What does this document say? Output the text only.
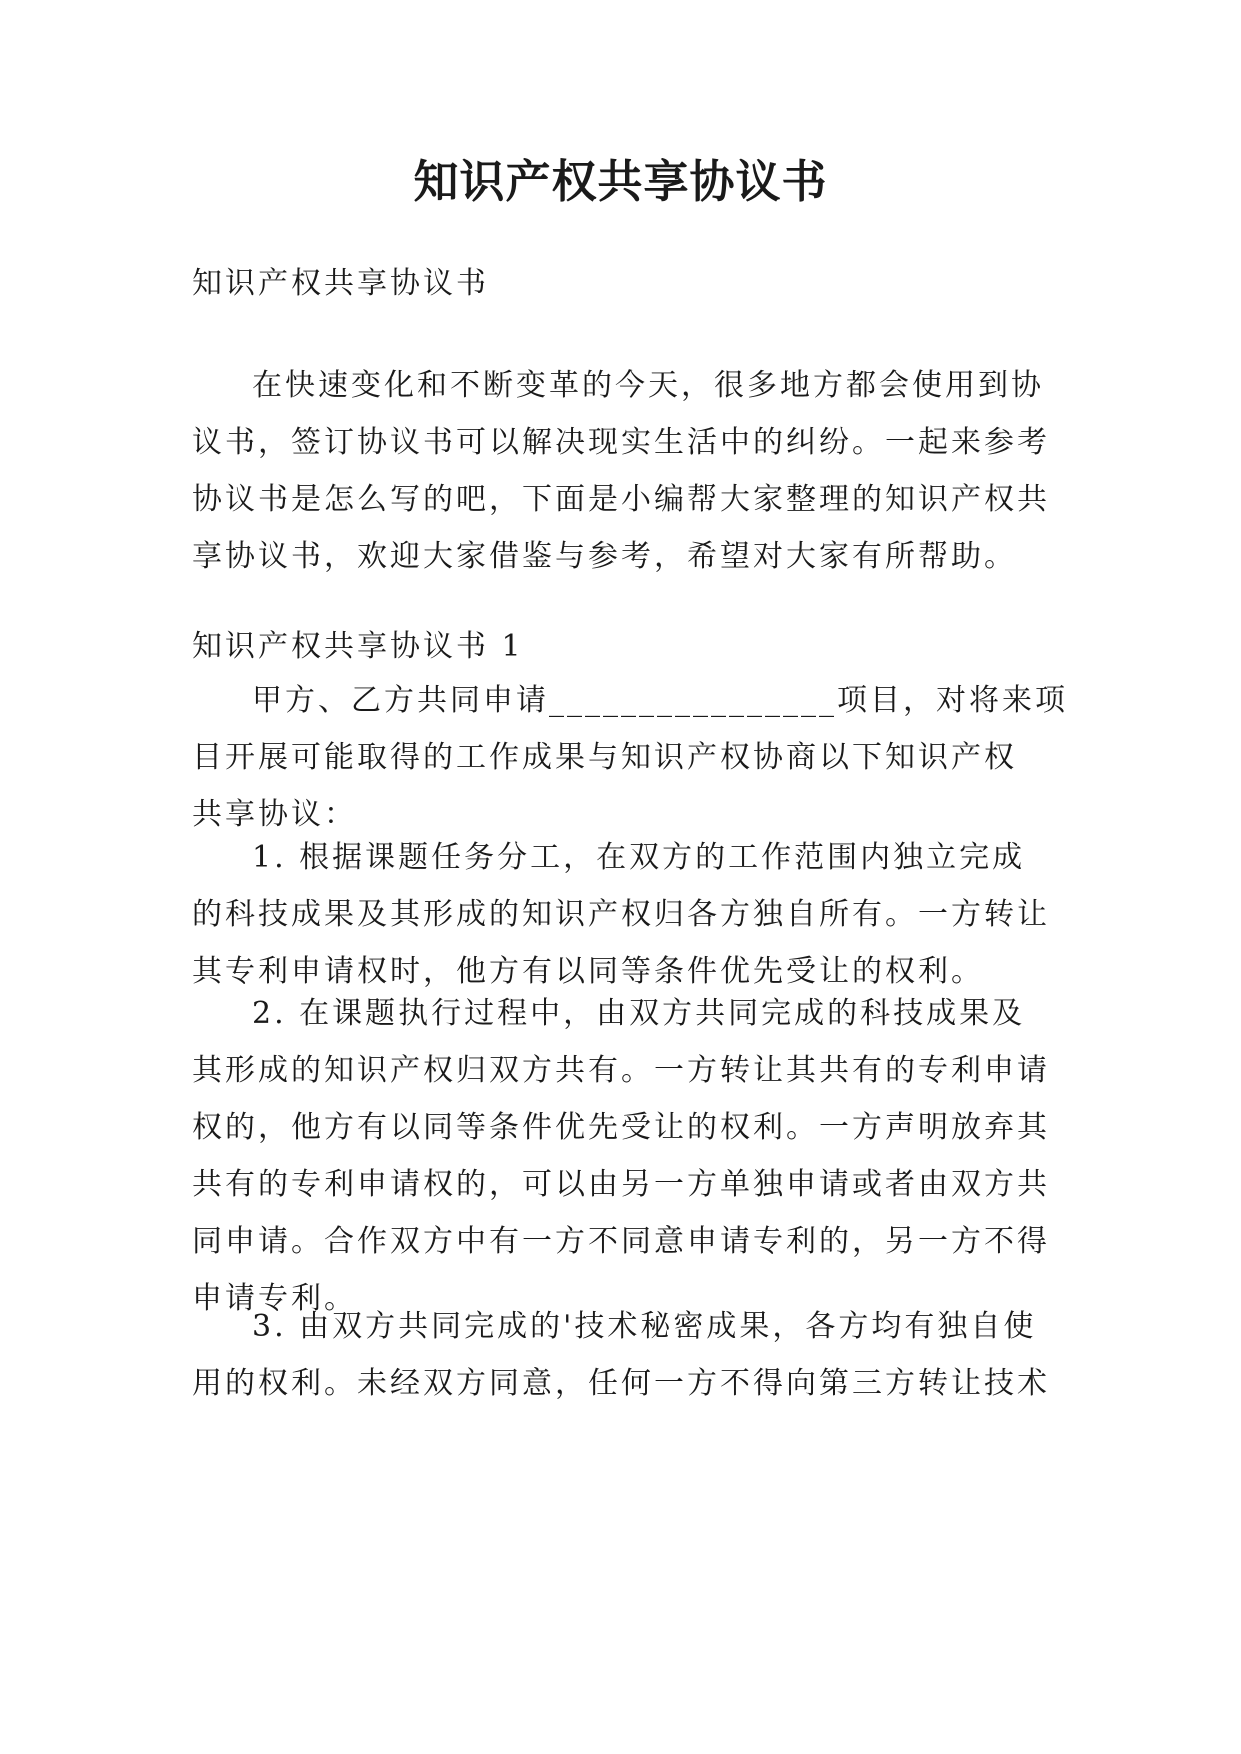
知识产权共享协议书

知识产权共享协议书

在快速变化和不断变革的今天，很多地方都会使用到协
议书，签订协议书可以解决现实生活中的纠纷。一起来参考
协议书是怎么写的吧，下面是小编帮大家整理的知识产权共
享协议书，欢迎大家借鉴与参考，希望对大家有所帮助。

知识产权共享协议书 1

甲方、乙方共同申请________________项目，对将来项
目开展可能取得的工作成果与知识产权协商以下知识产权
共享协议：

1. 根据课题任务分工，在双方的工作范围内独立完成
的科技成果及其形成的知识产权归各方独自所有。一方转让
其专利申请权时，他方有以同等条件优先受让的权利。

2. 在课题执行过程中，由双方共同完成的科技成果及
其形成的知识产权归双方共有。一方转让其共有的专利申请
权的，他方有以同等条件优先受让的权利。一方声明放弃其
共有的专利申请权的，可以由另一方单独申请或者由双方共
同申请。合作双方中有一方不同意申请专利的，另一方不得
申请专利。

3. 由双方共同完成的'技术秘密成果，各方均有独自使
用的权利。未经双方同意，任何一方不得向第三方转让技术
